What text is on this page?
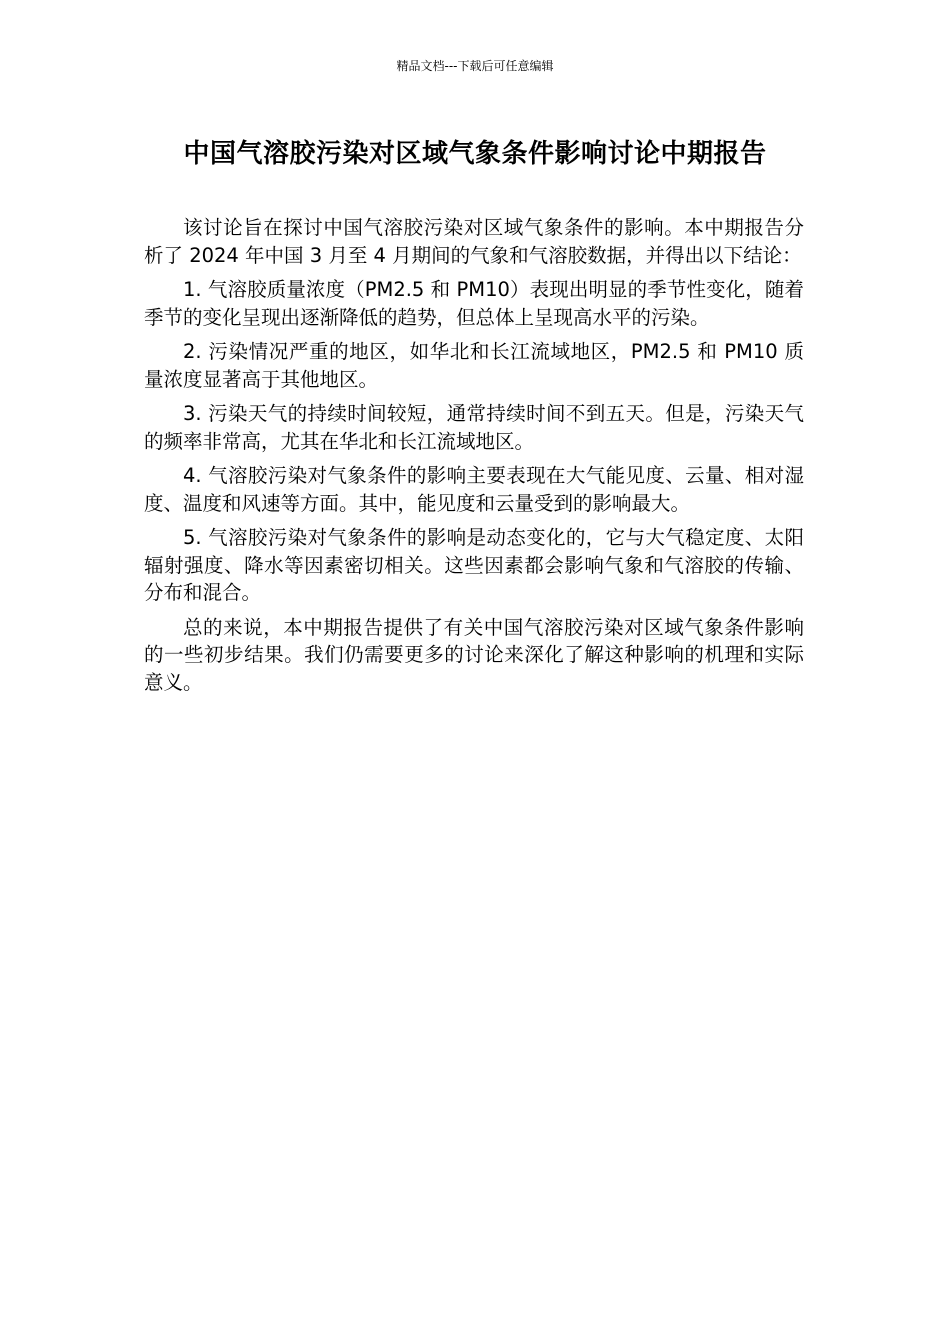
精品文档---下载后可任意编辑
中国气溶胶污染对区域气象条件影响讨论中期报告

该讨论旨在探讨中国气溶胶污染对区域气象条件的影响。本中期报告分析了 2024 年中国 3 月至 4 月期间的气象和气溶胶数据，并得出以下结论：

1. 气溶胶质量浓度（PM2.5 和 PM10）表现出明显的季节性变化，随着季节的变化呈现出逐渐降低的趋势，但总体上呈现高水平的污染。

2. 污染情况严重的地区，如华北和长江流域地区，PM2.5 和 PM10 质量浓度显著高于其他地区。

3. 污染天气的持续时间较短，通常持续时间不到五天。但是，污染天气的频率非常高，尤其在华北和长江流域地区。

4. 气溶胶污染对气象条件的影响主要表现在大气能见度、云量、相对湿度、温度和风速等方面。其中，能见度和云量受到的影响最大。

5. 气溶胶污染对气象条件的影响是动态变化的，它与大气稳定度、太阳辐射强度、降水等因素密切相关。这些因素都会影响气象和气溶胶的传输、分布和混合。

总的来说，本中期报告提供了有关中国气溶胶污染对区域气象条件影响的一些初步结果。我们仍需要更多的讨论来深化了解这种影响的机理和实际意义。
